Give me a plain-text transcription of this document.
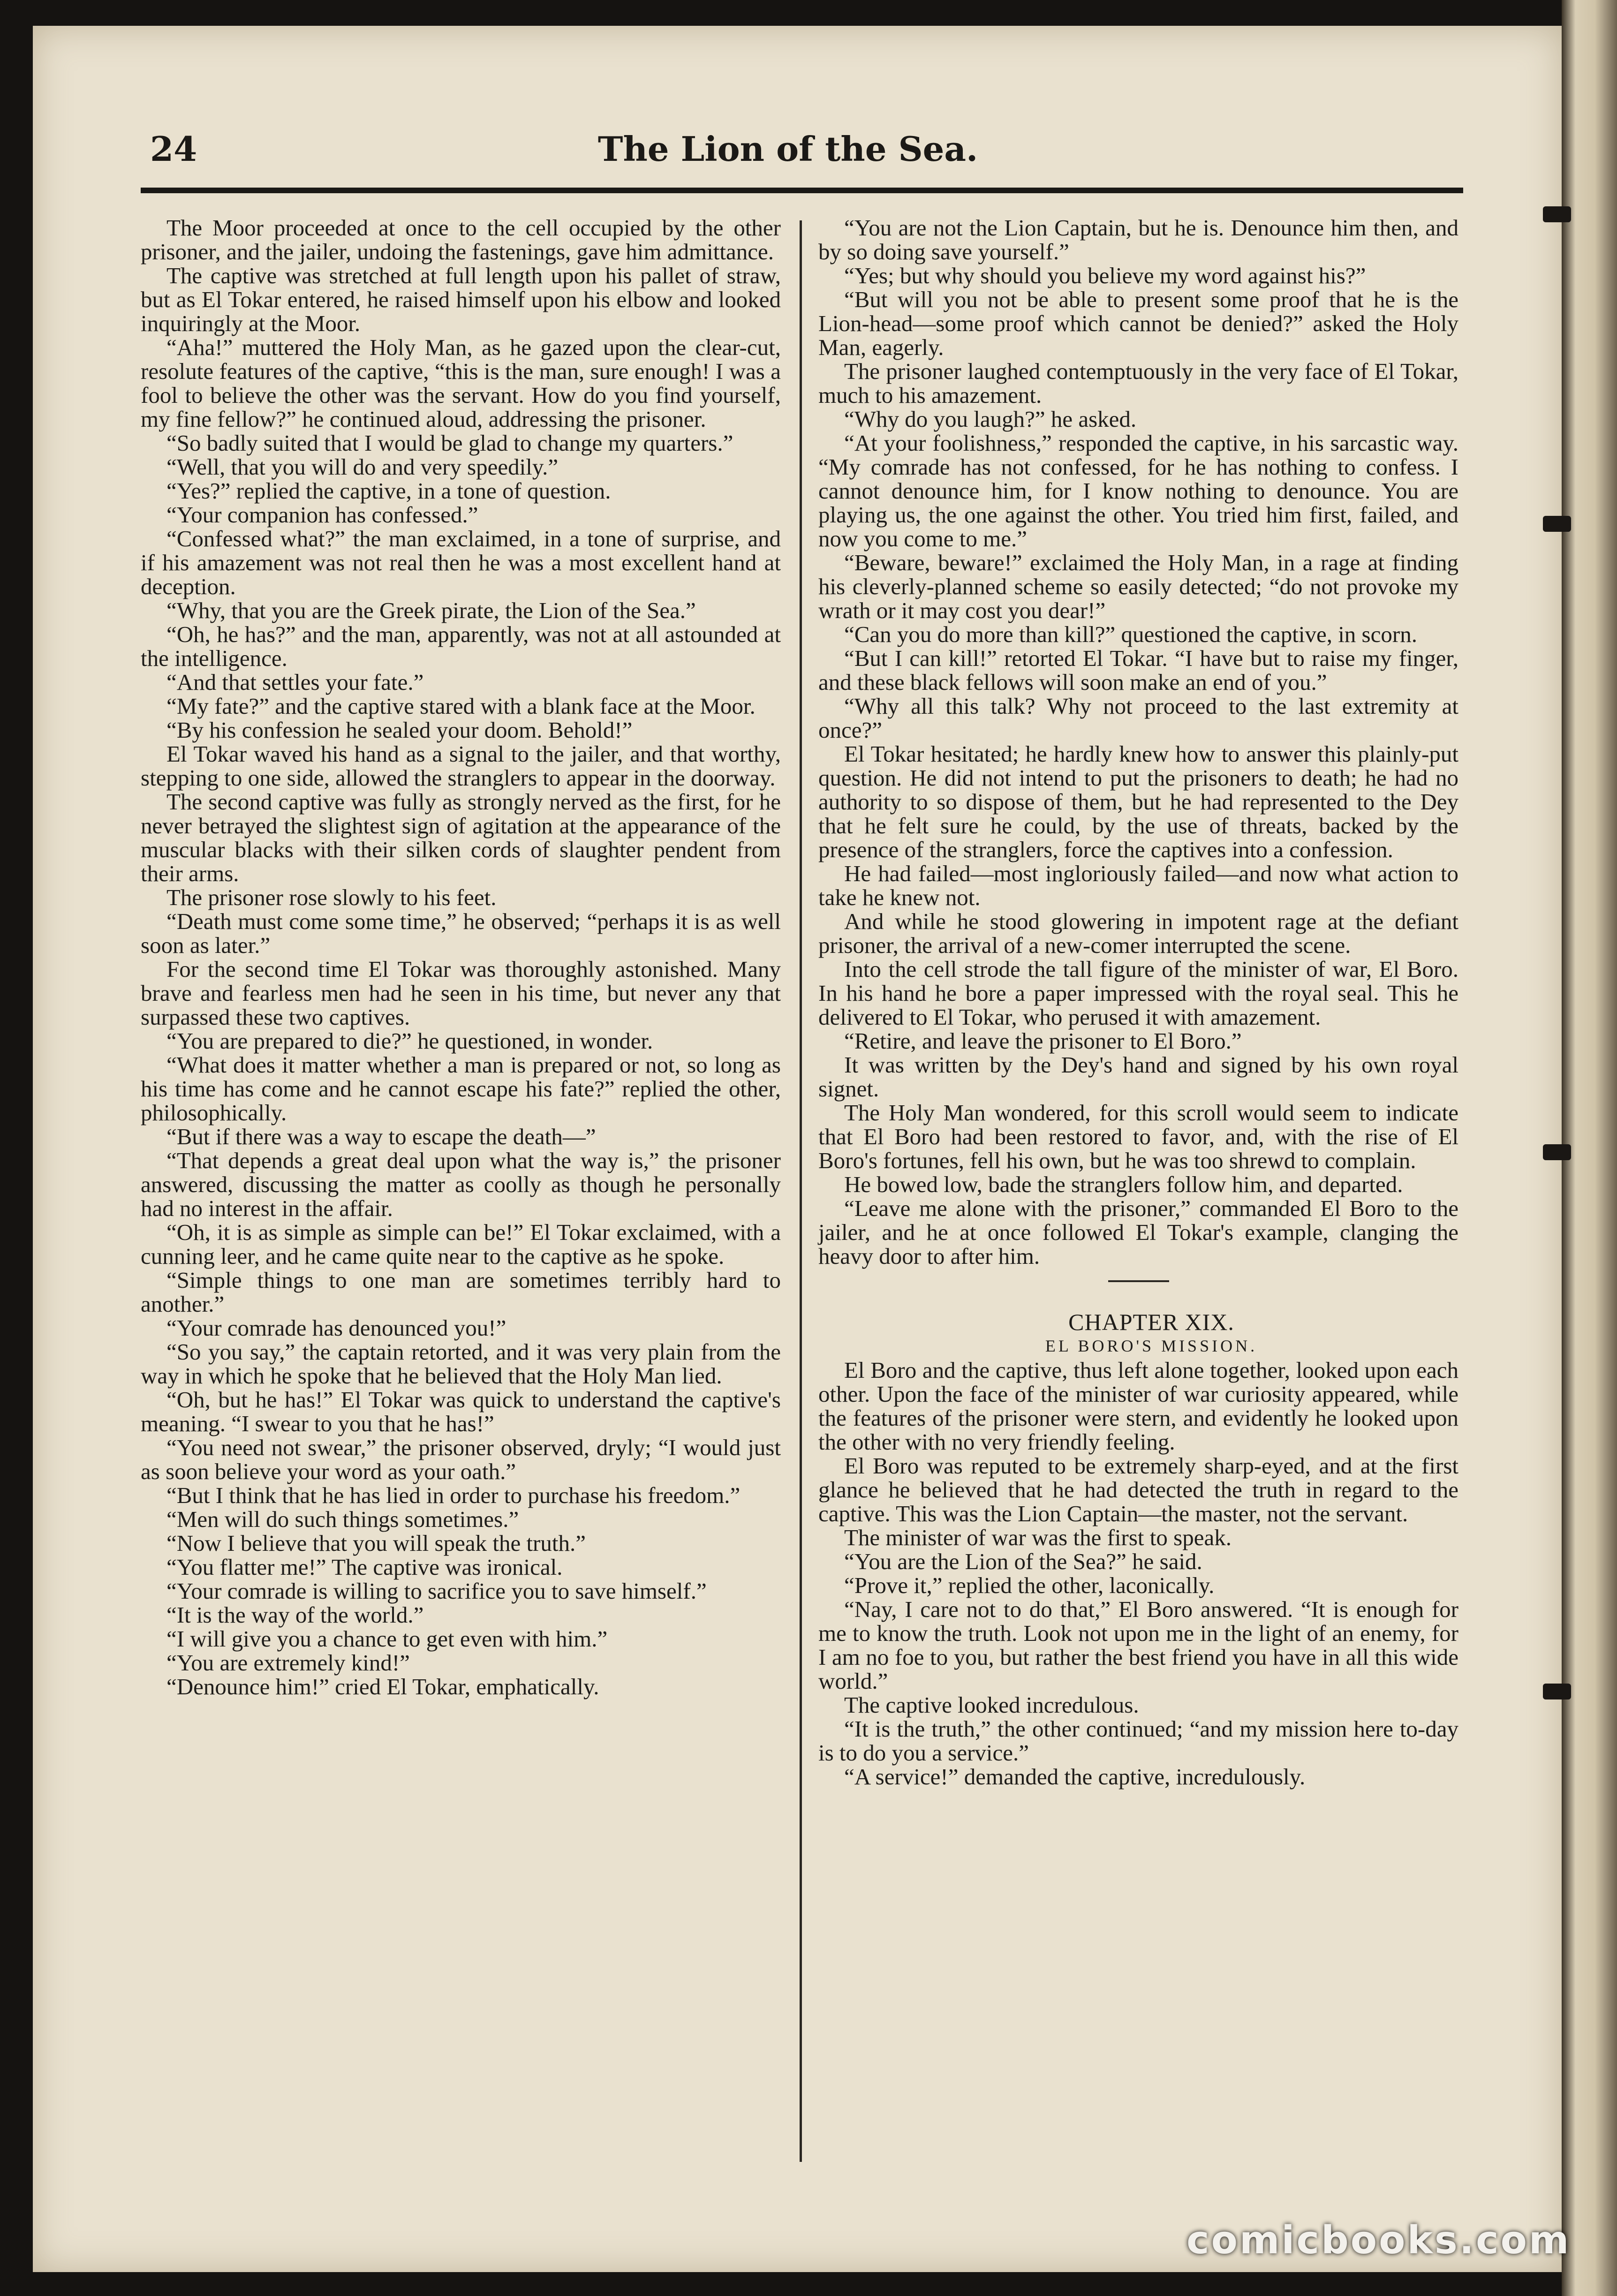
24	The Lion of the Sea.

The Moor proceeded at once to the cell occupied by the other prisoner, and the jailer, undoing the fastenings, gave him admittance.

The captive was stretched at full length upon his pallet of straw, but as El Tokar entered, he raised himself upon his elbow and looked inquiringly at the Moor.

“Aha!” muttered the Holy Man, as he gazed upon the clear-cut, resolute features of the captive, “this is the man, sure enough! I was a fool to believe the other was the servant. How do you find yourself, my fine fellow?” he continued aloud, addressing the prisoner.

“So badly suited that I would be glad to change my quarters.”

“Well, that you will do and very speedily.”

“Yes?” replied the captive, in a tone of question.

“Your companion has confessed.”

“Confessed what?” the man exclaimed, in a tone of surprise, and if his amazement was not real then he was a most excellent hand at deception.

“Why, that you are the Greek pirate, the Lion of the Sea.”

“Oh, he has?” and the man, apparently, was not at all astounded at the intelligence.

“And that settles your fate.”

“My fate?” and the captive stared with a blank face at the Moor.

“By his confession he sealed your doom. Behold!”

El Tokar waved his hand as a signal to the jailer, and that worthy, stepping to one side, allowed the stranglers to appear in the doorway.

The second captive was fully as strongly nerved as the first, for he never betrayed the slightest sign of agitation at the appearance of the muscular blacks with their silken cords of slaughter pendent from their arms.

The prisoner rose slowly to his feet.

“Death must come some time,” he observed; “perhaps it is as well soon as later.”

For the second time El Tokar was thoroughly astonished. Many brave and fearless men had he seen in his time, but never any that surpassed these two captives.

“You are prepared to die?” he questioned, in wonder.

“What does it matter whether a man is prepared or not, so long as his time has come and he cannot escape his fate?” replied the other, philosophically.

“But if there was a way to escape the death—”

“That depends a great deal upon what the way is,” the prisoner answered, discussing the matter as coolly as though he personally had no interest in the affair.

“Oh, it is as simple as simple can be!” El Tokar exclaimed, with a cunning leer, and he came quite near to the captive as he spoke.

“Simple things to one man are sometimes terribly hard to another.”

“Your comrade has denounced you!”

“So you say,” the captain retorted, and it was very plain from the way in which he spoke that he believed that the Holy Man lied.

“Oh, but he has!” El Tokar was quick to understand the captive's meaning. “I swear to you that he has!”

“You need not swear,” the prisoner observed, dryly; “I would just as soon believe your word as your oath.”

“But I think that he has lied in order to purchase his freedom.”

“Men will do such things sometimes.”

“Now I believe that you will speak the truth.”

“You flatter me!” The captive was ironical.

“Your comrade is willing to sacrifice you to save himself.”

“It is the way of the world.”

“I will give you a chance to get even with him.”

“You are extremely kind!”

“Denounce him!” cried El Tokar, emphatically.

“You are not the Lion Captain, but he is. Denounce him then, and by so doing save yourself.”

“Yes; but why should you believe my word against his?”

“But will you not be able to present some proof that he is the Lion-head—some proof which cannot be denied?” asked the Holy Man, eagerly.

The prisoner laughed contemptuously in the very face of El Tokar, much to his amazement.

“Why do you laugh?” he asked.

“At your foolishness,” responded the captive, in his sarcastic way. “My comrade has not confessed, for he has nothing to confess. I cannot denounce him, for I know nothing to denounce. You are playing us, the one against the other. You tried him first, failed, and now you come to me.”

“Beware, beware!” exclaimed the Holy Man, in a rage at finding his cleverly-planned scheme so easily detected; “do not provoke my wrath or it may cost you dear!”

“Can you do more than kill?” questioned the captive, in scorn.

“But I can kill!” retorted El Tokar. “I have but to raise my finger, and these black fellows will soon make an end of you.”

“Why all this talk? Why not proceed to the last extremity at once?”

El Tokar hesitated; he hardly knew how to answer this plainly-put question. He did not intend to put the prisoners to death; he had no authority to so dispose of them, but he had represented to the Dey that he felt sure he could, by the use of threats, backed by the presence of the stranglers, force the captives into a confession.

He had failed—most ingloriously failed—and now what action to take he knew not.

And while he stood glowering in impotent rage at the defiant prisoner, the arrival of a new-comer interrupted the scene.

Into the cell strode the tall figure of the minister of war, El Boro. In his hand he bore a paper impressed with the royal seal. This he delivered to El Tokar, who perused it with amazement.

“Retire, and leave the prisoner to El Boro.”

It was written by the Dey's hand and signed by his own royal signet.

The Holy Man wondered, for this scroll would seem to indicate that El Boro had been restored to favor, and, with the rise of El Boro's fortunes, fell his own, but he was too shrewd to complain.

He bowed low, bade the stranglers follow him, and departed.

“Leave me alone with the prisoner,” commanded El Boro to the jailer, and he at once followed El Tokar's example, clanging the heavy door to after him.

CHAPTER XIX.

EL BORO'S MISSION.

El Boro and the captive, thus left alone together, looked upon each other. Upon the face of the minister of war curiosity appeared, while the features of the prisoner were stern, and evidently he looked upon the other with no very friendly feeling.

El Boro was reputed to be extremely sharp-eyed, and at the first glance he believed that he had detected the truth in regard to the captive. This was the Lion Captain—the master, not the servant.

The minister of war was the first to speak.

“You are the Lion of the Sea?” he said.

“Prove it,” replied the other, laconically.

“Nay, I care not to do that,” El Boro answered. “It is enough for me to know the truth. Look not upon me in the light of an enemy, for I am no foe to you, but rather the best friend you have in all this wide world.”

The captive looked incredulous.

“It is the truth,” the other continued; “and my mission here to-day is to do you a service.”

“A service!” demanded the captive, incredulously.

comicbooks.com
